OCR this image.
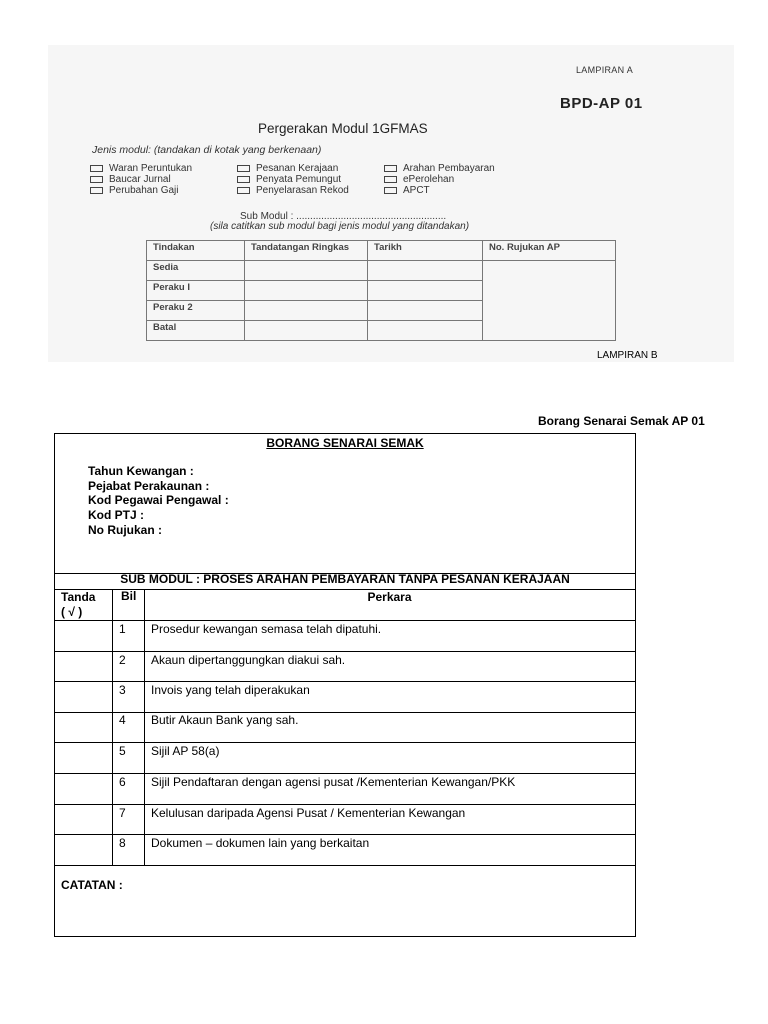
LAMPIRAN A
BPD-AP 01
Pergerakan Modul 1GFMAS
Jenis modul: (tandakan di kotak yang berkenaan)
Waran Peruntukan
Baucar Jurnal
Perubahan Gaji
Pesanan Kerajaan
Penyata Pemungut
Penyelarasan Rekod
Arahan Pembayaran
ePerolehan
APCT
Sub Modul : ......................................................
(sila catitkan sub modul bagi jenis modul yang ditandakan)
Tindakan	Tandatangan Ringkas	Tarikh	No. Rujukan AP
Sedia			
Peraku I			
Peraku 2			
Batal			
LAMPIRAN B
Borang Senarai Semak AP 01
BORANG SENARAI SEMAK
Tahun Kewangan :
Pejabat Perakaunan :
Kod Pegawai Pengawal :
Kod PTJ :
No Rujukan :
SUB MODUL : PROSES ARAHAN PEMBAYARAN TANPA PESANAN KERAJAAN
Tanda
( √ )
Bil	Perkara
1 Prosedur kewangan semasa telah dipatuhi.
2 Akaun dipertanggungkan diakui sah.
3 Invois yang telah diperakukan
4 Butir Akaun Bank yang sah.
5 Sijil AP 58(a)
6 Sijil Pendaftaran dengan agensi pusat /Kementerian Kewangan/PKK
7 Kelulusan daripada Agensi Pusat / Kementerian Kewangan
8 Dokumen – dokumen lain yang berkaitan
CATATAN :
